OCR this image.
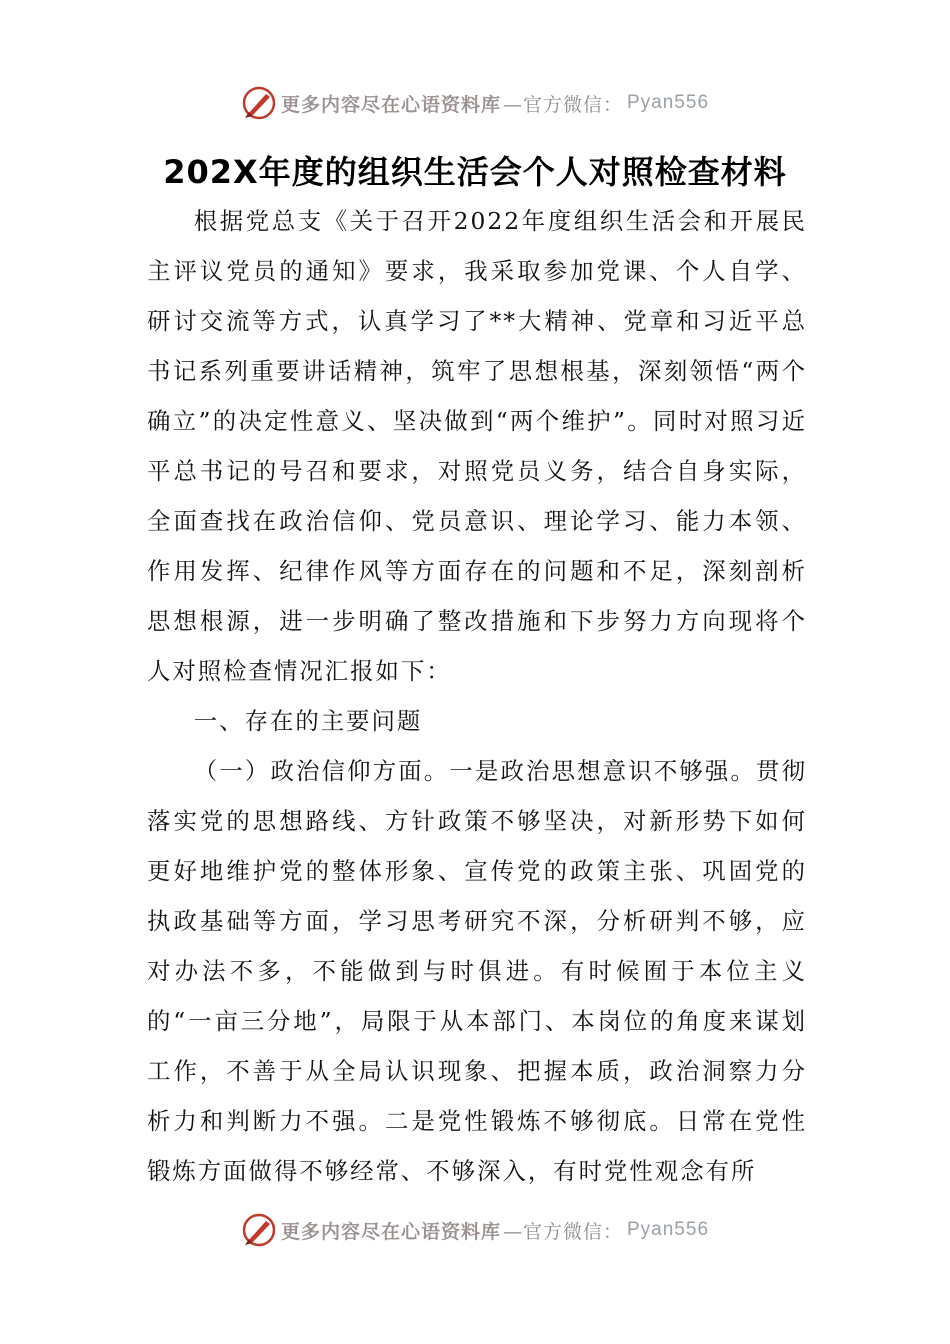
更多内容尽在心语资料库 —官方微信： Pyan556
202X年度的组织生活会个人对照检查材料

根据党总支《关于召开2022年度组织生活会和开展民主评议党员的通知》要求，我采取参加党课、个人自学、研讨交流等方式，认真学习了**大精神、党章和习近平总书记系列重要讲话精神，筑牢了思想根基，深刻领悟“两个确立”的决定性意义、坚决做到“两个维护”。同时对照习近平总书记的号召和要求，对照党员义务，结合自身实际，全面查找在政治信仰、党员意识、理论学习、能力本领、作用发挥、纪律作风等方面存在的问题和不足，深刻剖析思想根源，进一步明确了整改措施和下步努力方向现将个人对照检查情况汇报如下：

一、存在的主要问题

（一）政治信仰方面。一是政治思想意识不够强。贯彻落实党的思想路线、方针政策不够坚决，对新形势下如何更好地维护党的整体形象、宣传党的政策主张、巩固党的执政基础等方面，学习思考研究不深，分析研判不够，应对办法不多，不能做到与时俱进。有时候囿于本位主义的“一亩三分地”，局限于从本部门、本岗位的角度来谋划工作，不善于从全局认识现象、把握本质，政治洞察力分析力和判断力不强。二是党性锻炼不够彻底。日常在党性锻炼方面做得不够经常、不够深入，有时党性观念有所

更多内容尽在心语资料库 —官方微信： Pyan556
